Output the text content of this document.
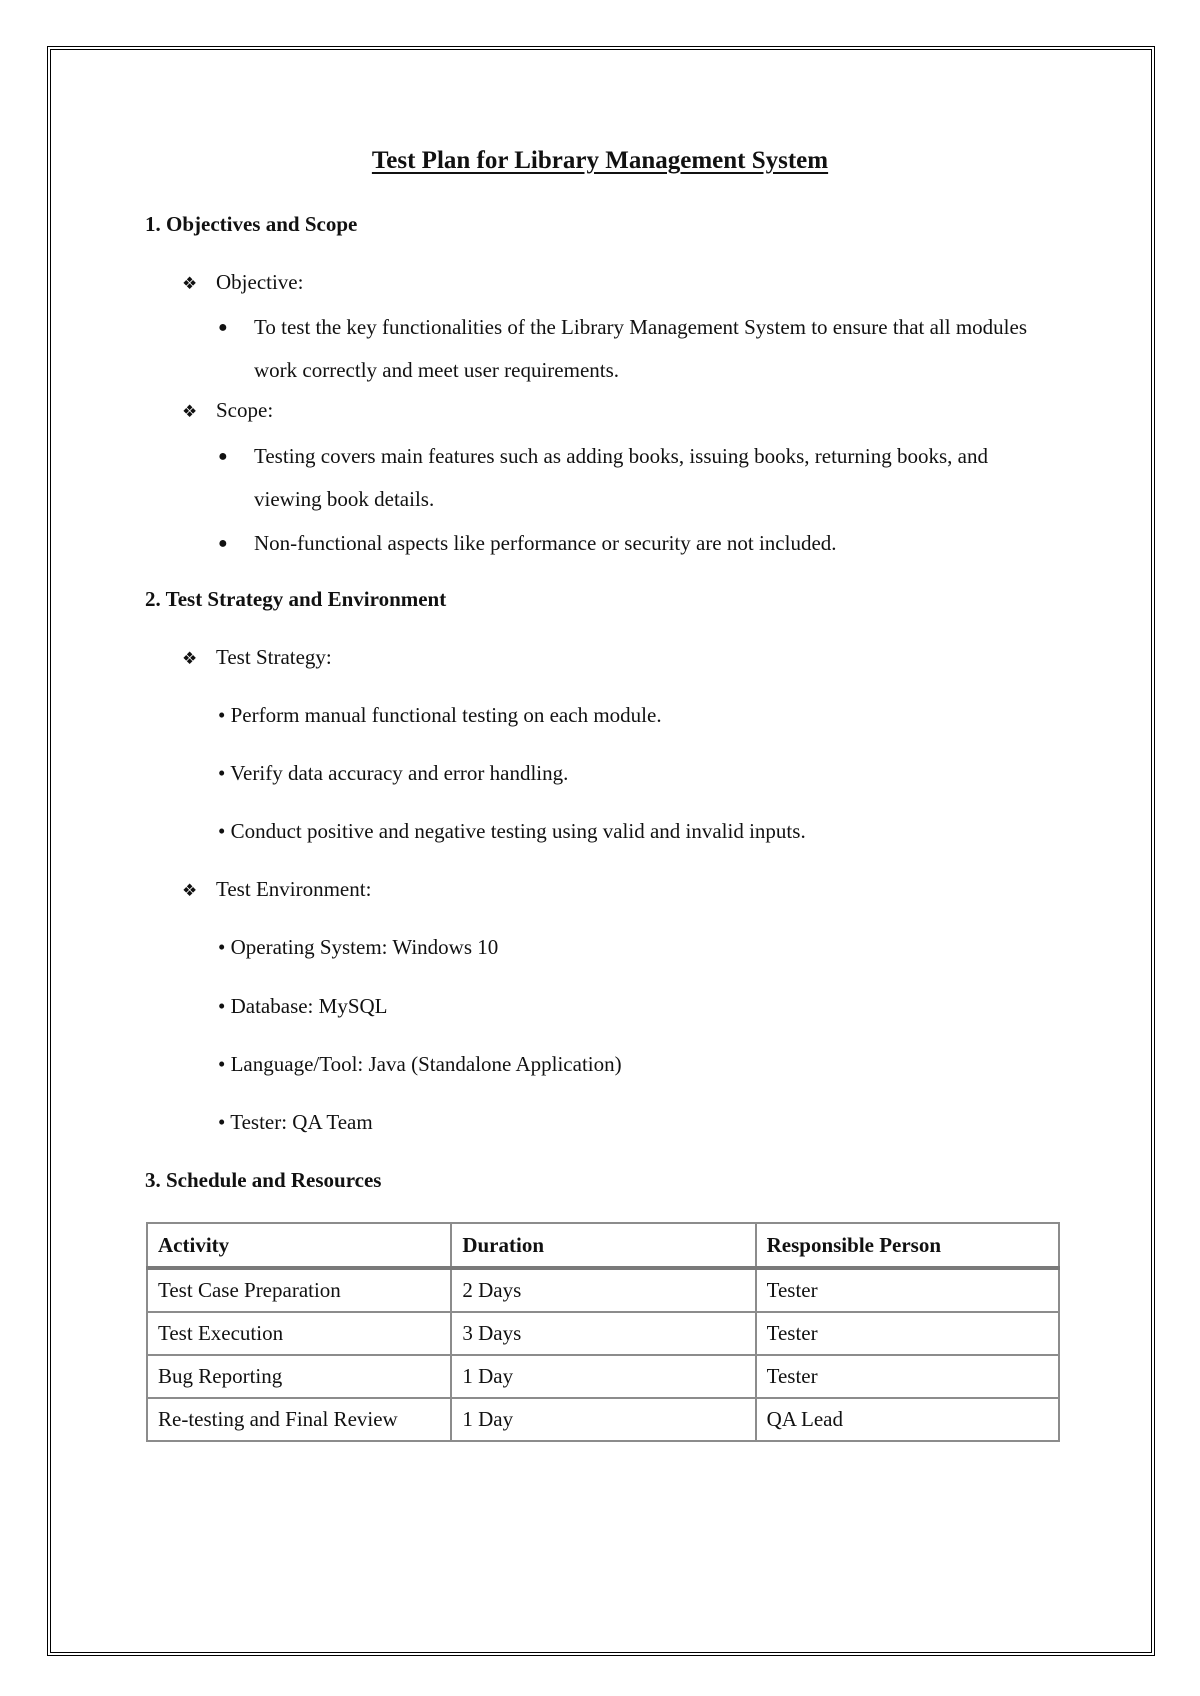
Test Plan for Library Management System
1. Objectives and Scope
❖ Objective:
● To test the key functionalities of the Library Management System to ensure that all modules work correctly and meet user requirements.
❖ Scope:
● Testing covers main features such as adding books, issuing books, returning books, and viewing book details.
● Non-functional aspects like performance or security are not included.
2. Test Strategy and Environment
❖ Test Strategy:
• Perform manual functional testing on each module.
• Verify data accuracy and error handling.
• Conduct positive and negative testing using valid and invalid inputs.
❖ Test Environment:
• Operating System: Windows 10
• Database: MySQL
• Language/Tool: Java (Standalone Application)
• Tester: QA Team
3. Schedule and Resources
Activity	Duration	Responsible Person
Test Case Preparation	2 Days	Tester
Test Execution	3 Days	Tester
Bug Reporting	1 Day	Tester
Re-testing and Final Review	1 Day	QA Lead
